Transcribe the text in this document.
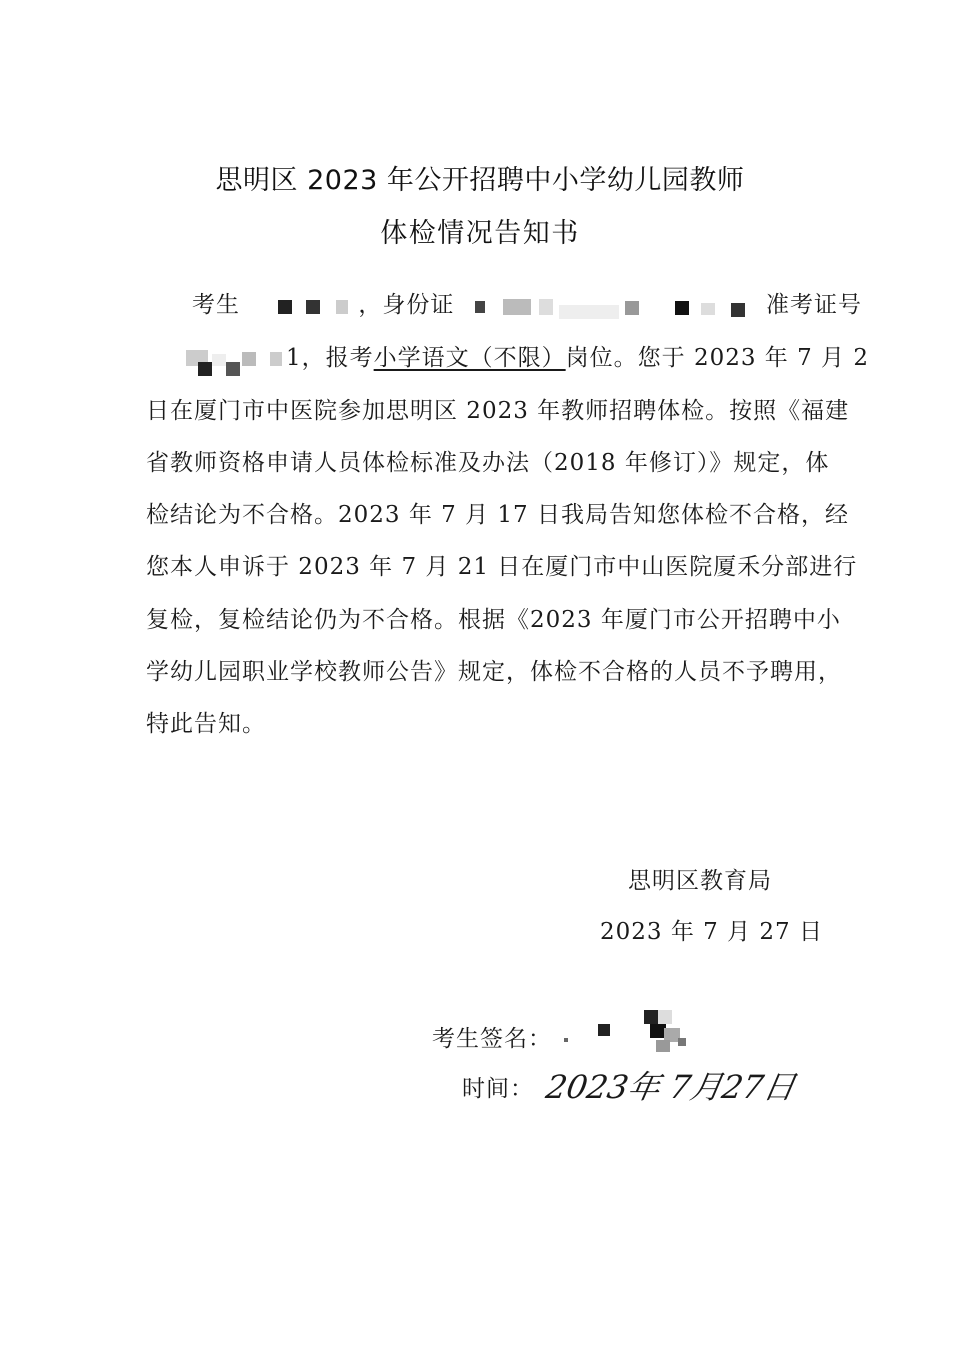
思明区 2023 年公开招聘中小学幼儿园教师
体检情况告知书
考生	，身份证	准考证号
1，报考小学语文（不限）岗位。您于 2023 年 7 月 2
日在厦门市中医院参加思明区 2023 年教师招聘体检。按照《福建
省教师资格申请人员体检标准及办法（2018 年修订）》规定，体
检结论为不合格。2023 年 7 月 17 日我局告知您体检不合格，经
您本人申诉于 2023 年 7 月 21 日在厦门市中山医院厦禾分部进行
复检，复检结论仍为不合格。根据《2023 年厦门市公开招聘中小
学幼儿园职业学校教师公告》规定，体检不合格的人员不予聘用，
特此告知。
思明区教育局
2023 年 7 月 27 日
考生签名：
时间： 2023年 7月27日
